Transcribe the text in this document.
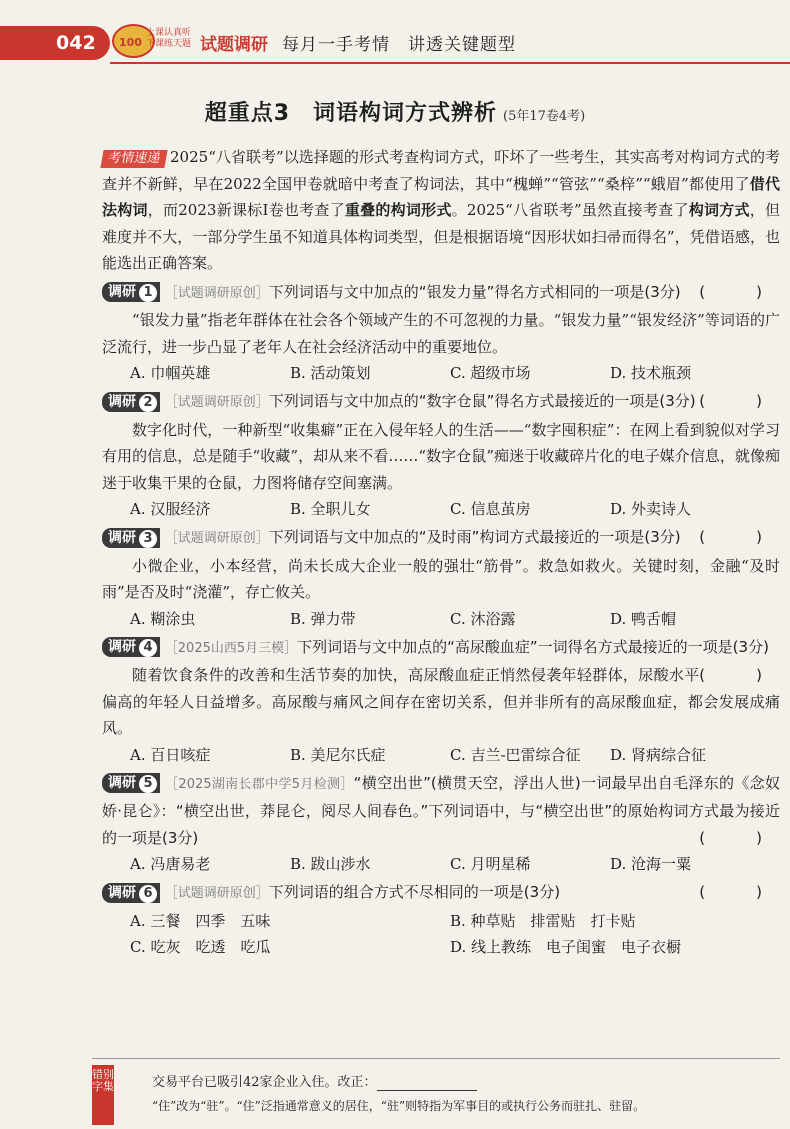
042 100
上课认真听
下课练天题 试题调研 每月一手考情　讲透关键题型
超重点3　词语构词方式辨析 (5年17卷4考)

考情速递 2025“八省联考”以选择题的形式考查构词方式，吓坏了一些考生，其实高考对构词方式的考查并不新鲜，早在2022全国甲卷就暗中考查了构词法，其中“槐蝉”“管弦”“桑梓”“蛾眉”都使用了借代法构词，而2023新课标Ⅰ卷也考查了重叠的构词形式。2025“八省联考”虽然直接考查了构词方式，但难度并不大，一部分学生虽不知道具体构词类型，但是根据语境“因形状如扫帚而得名”，凭借语感，也能选出正确答案。

调研 1 ［试题调研原创］下列词语与文中加点的“银发力量”得名方式相同的一项是(3分) (　)

“银发力量”指老年群体在社会各个领域产生的不可忽视的力量。“银发力量”“银发经济”等词语的广泛流行，进一步凸显了老年人在社会经济活动中的重要地位。

A. 巾帼英雄	B. 活动策划	C. 超级市场	D. 技术瓶颈

调研 2 ［试题调研原创］下列词语与文中加点的“数字仓鼠”得名方式最接近的一项是(3分) (　)

数字化时代，一种新型“收集癖”正在入侵年轻人的生活——“数字囤积症”：在网上看到貌似对学习有用的信息，总是随手“收藏”，却从来不看……“数字仓鼠”痴迷于收藏碎片化的电子媒介信息，就像痴迷于收集干果的仓鼠，力图将储存空间塞满。

A. 汉服经济	B. 全职儿女	C. 信息茧房	D. 外卖诗人

调研 3 ［试题调研原创］下列词语与文中加点的“及时雨”构词方式最接近的一项是(3分) (　)

小微企业，小本经营，尚未长成大企业一般的强壮“筋骨”。救急如救火。关键时刻，金融“及时雨”是否及时“浇灌”，存亡攸关。

A. 糊涂虫	B. 弹力带	C. 沐浴露	D. 鸭舌帽

调研 4 ［2025山西5月三模］下列词语与文中加点的“高尿酸血症”一词得名方式最接近的一项是(3分)
(　)

随着饮食条件的改善和生活节奏的加快，高尿酸血症正悄然侵袭年轻群体，尿酸水平偏高的年轻人日益增多。高尿酸与痛风之间存在密切关系，但并非所有的高尿酸血症，都会发展成痛风。

A. 百日咳症	B. 美尼尔氏症	C. 吉兰-巴雷综合征	D. 肾病综合征

调研 5 ［2025湖南长郡中学5月检测］“横空出世”(横贯天空，浮出人世)一词最早出自毛泽东的《念奴娇·昆仑》：“横空出世，莽昆仑，阅尽人间春色。”下列词语中，与“横空出世”的原始构词方式最为接近的一项是(3分)	(　)

A. 冯唐易老	B. 跋山涉水	C. 月明星稀	D. 沧海一粟

调研 6 ［试题调研原创］下列词语的组合方式不尽相同的一项是(3分)	(　)

A. 三餐　四季　五味	B. 种草贴　排雷贴　打卡贴
C. 吃灰　吃透　吃瓜	D. 线上教练　电子闺蜜　电子衣橱
错别字集	交易平台已吸引42家企业入住。改正：
“住”改为“驻”。“住”泛指通常意义的居住，“驻”则特指为军事目的或执行公务而驻扎、驻留。
